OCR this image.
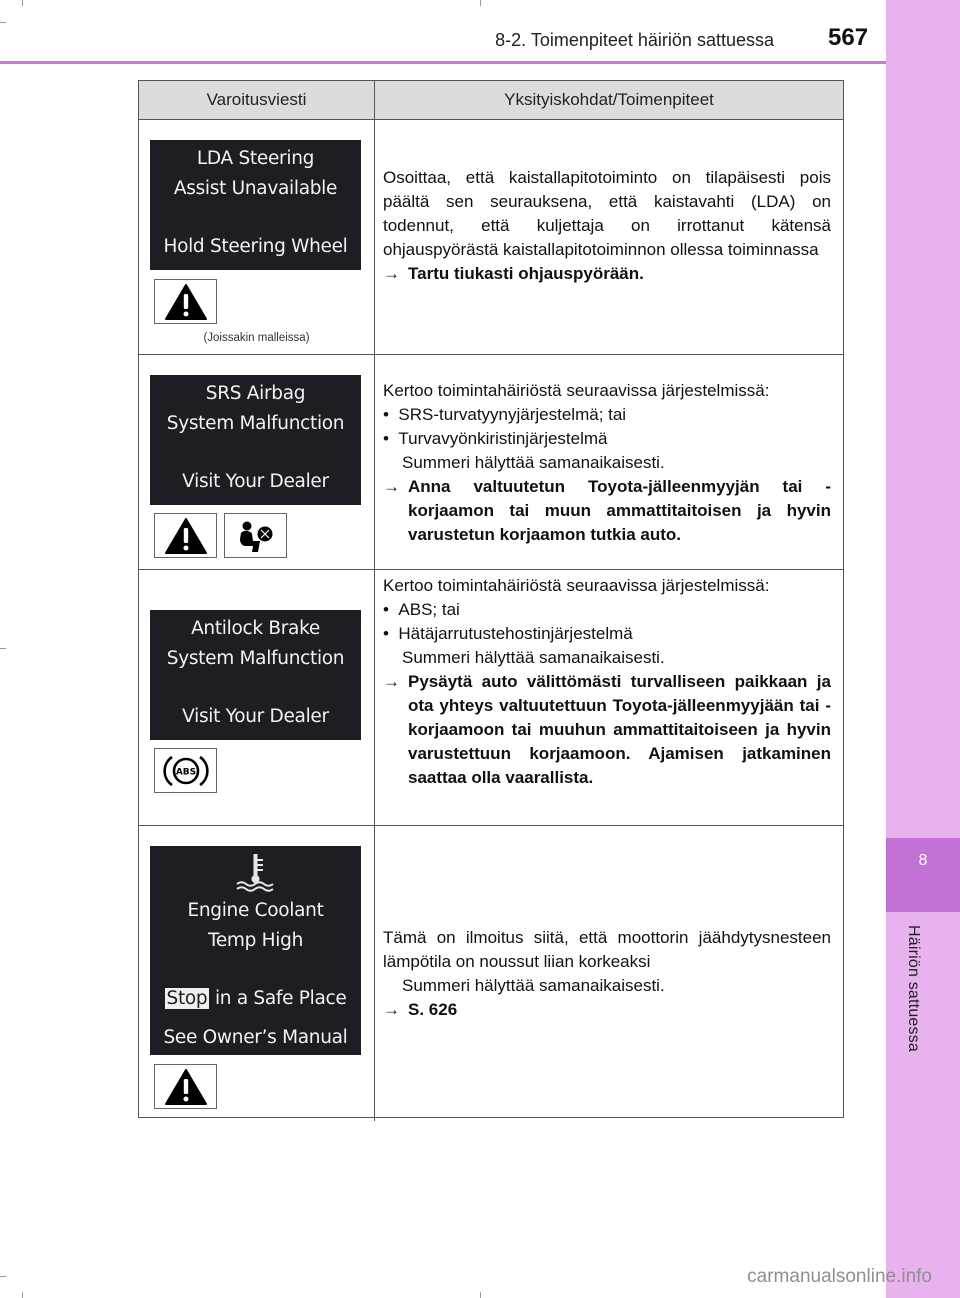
8-2. Toimenpiteet häiriön sattuessa 567
8
Häiriön sattuessa
Varoitusviesti	Yksityiskohdat/Toimenpiteet
LDA Steering
Assist Unavailable
Hold Steering Wheel
(Joissakin malleissa)

Osoittaa, että kaistallapitotoiminto on tilapäisesti pois päältä sen seurauksena, että kaistavahti (LDA) on todennut, että kuljettaja on irrottanut kätensä ohjauspyörästä kaistallapitotoiminnon ollessa toiminnassa

→ Tartu tiukasti ohjauspyörään.

SRS Airbag
System Malfunction
Visit Your Dealer

Kertoo toimintahäiriöstä seuraavissa järjestelmissä:

•  SRS-turvatyynyjärjestelmä; tai

•  Turvavyönkiristinjärjestelmä

Summeri hälyttää samanaikaisesti.

→ Anna valtuutetun Toyota-jälleenmyyjän tai -korjaamon tai muun ammattitaitoisen ja hyvin varustetun korjaamon tutkia auto.

Antilock Brake
System Malfunction
Visit Your Dealer
ABS

Kertoo toimintahäiriöstä seuraavissa järjestelmissä:

•  ABS; tai

•  Hätäjarrutustehostinjärjestelmä

Summeri hälyttää samanaikaisesti.

→ Pysäytä auto välittömästi turvalliseen paikkaan ja ota yhteys valtuutettuun Toyota-jälleenmyyjään tai -korjaamoon tai muuhun ammattitaitoiseen ja hyvin varustettuun korjaamoon. Ajamisen jatkaminen saattaa olla vaarallista.

Engine Coolant
Temp High
Stop in a Safe Place
See Owner’s Manual

Tämä on ilmoitus siitä, että moottorin jäähdytysnesteen lämpötila on noussut liian korkeaksi

Summeri hälyttää samanaikaisesti.

→ S. 626

carmanualsonline.info
